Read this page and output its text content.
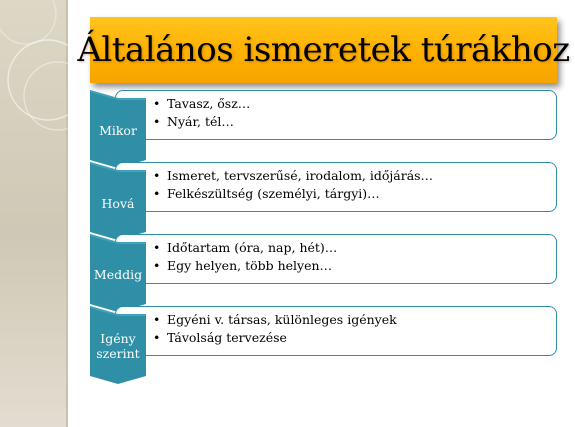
Általános ismeretek túrákhoz
• Tavasz, ősz…
• Nyár, tél…
Mikor
• Ismeret, tervszerűsé, irodalom, időjárás…
• Felkészültség (személyi, tárgyi)…
Hová
• Időtartam (óra, nap, hét)…
• Egy helyen, több helyen…
Meddig
• Egyéni v. társas, különleges igények
• Távolság tervezése
Igény
szerint
